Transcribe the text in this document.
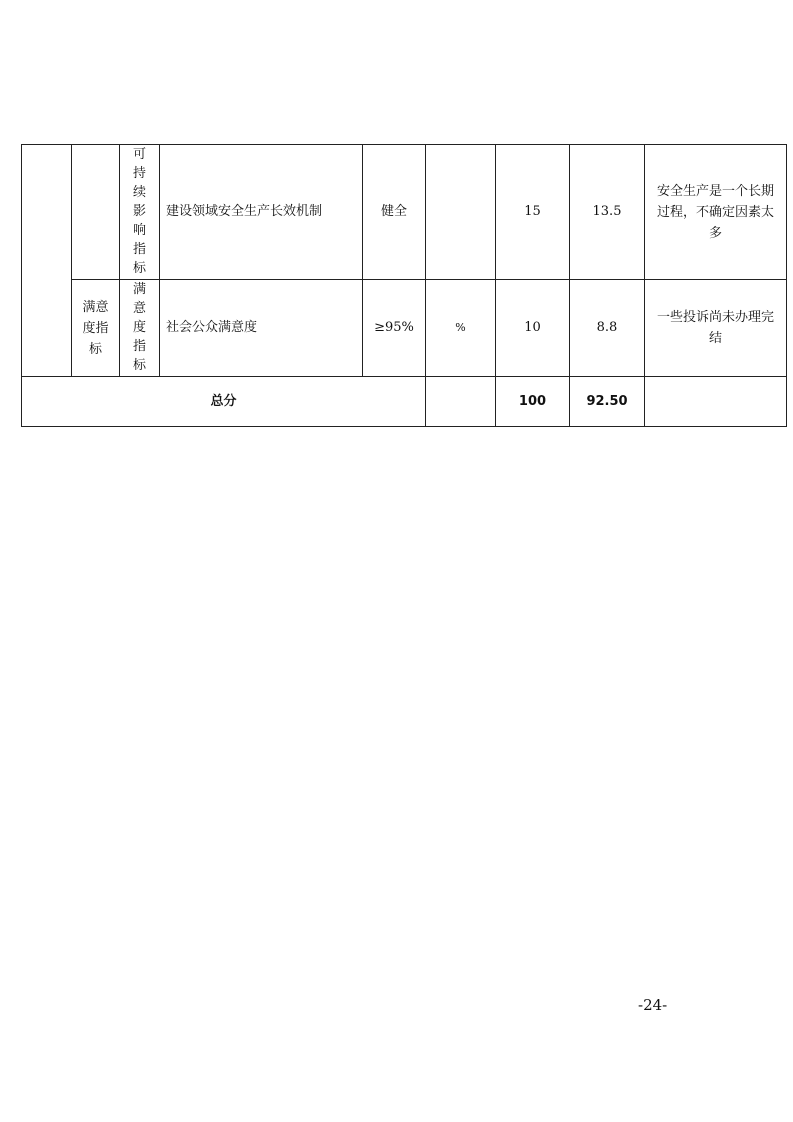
		可持续影响指标	建设领域安全生产长效机制	健全		15	13.5	安全生产是一个长期过程，不确定因素太多
	满意度指标	满意度指标	社会公众满意度	≥95%	%	10	8.8	一些投诉尚未办理完结
总分						100	92.50	
-24-
